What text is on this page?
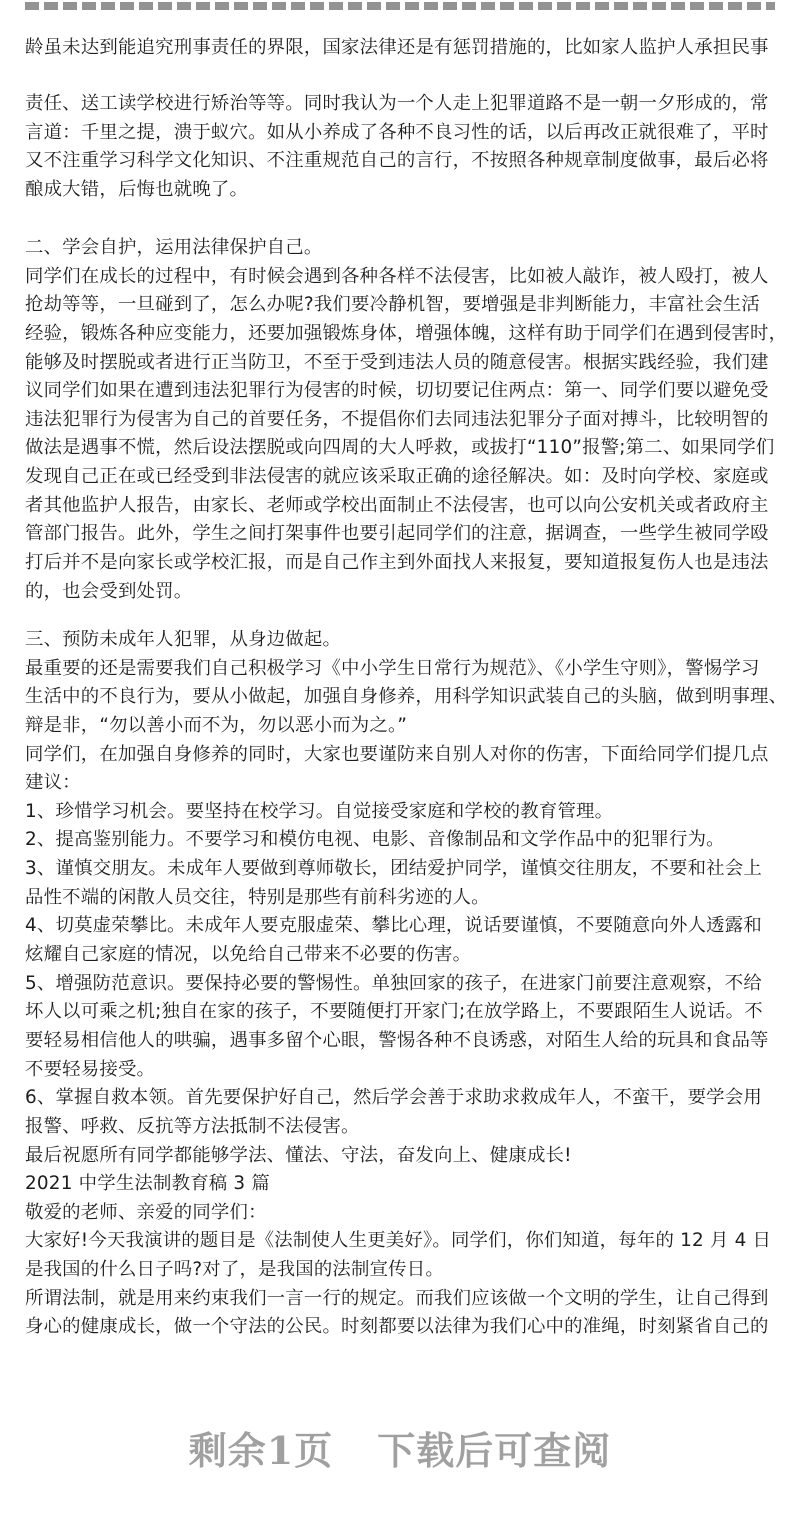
龄虽未达到能追究刑事责任的界限，国家法律还是有惩罚措施的，比如家人监护人承担民事
责任、送工读学校进行矫治等等。同时我认为一个人走上犯罪道路不是一朝一夕形成的，常
言道：千里之提，溃于蚁穴。如从小养成了各种不良习性的话，以后再改正就很难了，平时
又不注重学习科学文化知识、不注重规范自己的言行，不按照各种规章制度做事，最后必将
酿成大错，后悔也就晚了。
二、学会自护，运用法律保护自己。
同学们在成长的过程中，有时候会遇到各种各样不法侵害，比如被人敲诈，被人殴打，被人
抢劫等等，一旦碰到了，怎么办呢?我们要冷静机智，要增强是非判断能力，丰富社会生活
经验，锻炼各种应变能力，还要加强锻炼身体，增强体魄，这样有助于同学们在遇到侵害时，
能够及时摆脱或者进行正当防卫，不至于受到违法人员的随意侵害。根据实践经验，我们建
议同学们如果在遭到违法犯罪行为侵害的时候，切切要记住两点：第一、同学们要以避免受
违法犯罪行为侵害为自己的首要任务，不提倡你们去同违法犯罪分子面对搏斗，比较明智的
做法是遇事不慌，然后设法摆脱或向四周的大人呼救，或拔打“110”报警;第二、如果同学们
发现自己正在或已经受到非法侵害的就应该采取正确的途径解决。如：及时向学校、家庭或
者其他监护人报告，由家长、老师或学校出面制止不法侵害，也可以向公安机关或者政府主
管部门报告。此外，学生之间打架事件也要引起同学们的注意，据调查，一些学生被同学殴
打后并不是向家长或学校汇报，而是自己作主到外面找人来报复，要知道报复伤人也是违法
的，也会受到处罚。
三、预防未成年人犯罪，从身边做起。
最重要的还是需要我们自己积极学习《中小学生日常行为规范》、《小学生守则》，警惕学习
生活中的不良行为，要从小做起，加强自身修养，用科学知识武装自己的头脑，做到明事理、
辩是非，“勿以善小而不为，勿以恶小而为之。”
同学们，在加强自身修养的同时，大家也要谨防来自别人对你的伤害，下面给同学们提几点
建议：
1、珍惜学习机会。要坚持在校学习。自觉接受家庭和学校的教育管理。
2、提高鉴别能力。不要学习和模仿电视、电影、音像制品和文学作品中的犯罪行为。
3、谨慎交朋友。未成年人要做到尊师敬长，团结爱护同学，谨慎交往朋友，不要和社会上
品性不端的闲散人员交往，特别是那些有前科劣迹的人。
4、切莫虚荣攀比。未成年人要克服虚荣、攀比心理，说话要谨慎，不要随意向外人透露和
炫耀自己家庭的情况，以免给自己带来不必要的伤害。
5、增强防范意识。要保持必要的警惕性。单独回家的孩子，在进家门前要注意观察，不给
坏人以可乘之机;独自在家的孩子，不要随便打开家门;在放学路上，不要跟陌生人说话。不
要轻易相信他人的哄骗，遇事多留个心眼，警惕各种不良诱惑，对陌生人给的玩具和食品等
不要轻易接受。
6、掌握自救本领。首先要保护好自己，然后学会善于求助求救成年人，不蛮干，要学会用
报警、呼救、反抗等方法抵制不法侵害。
最后祝愿所有同学都能够学法、懂法、守法，奋发向上、健康成长!
2021 中学生法制教育稿 3 篇
敬爱的老师、亲爱的同学们：
大家好!今天我演讲的题目是《法制使人生更美好》。同学们，你们知道，每年的 12 月 4 日
是我国的什么日子吗?对了，是我国的法制宣传日。
所谓法制，就是用来约束我们一言一行的规定。而我们应该做一个文明的学生，让自己得到
身心的健康成长，做一个守法的公民。时刻都要以法律为我们心中的准绳，时刻紧省自己的
剩余1页 下载后可查阅
